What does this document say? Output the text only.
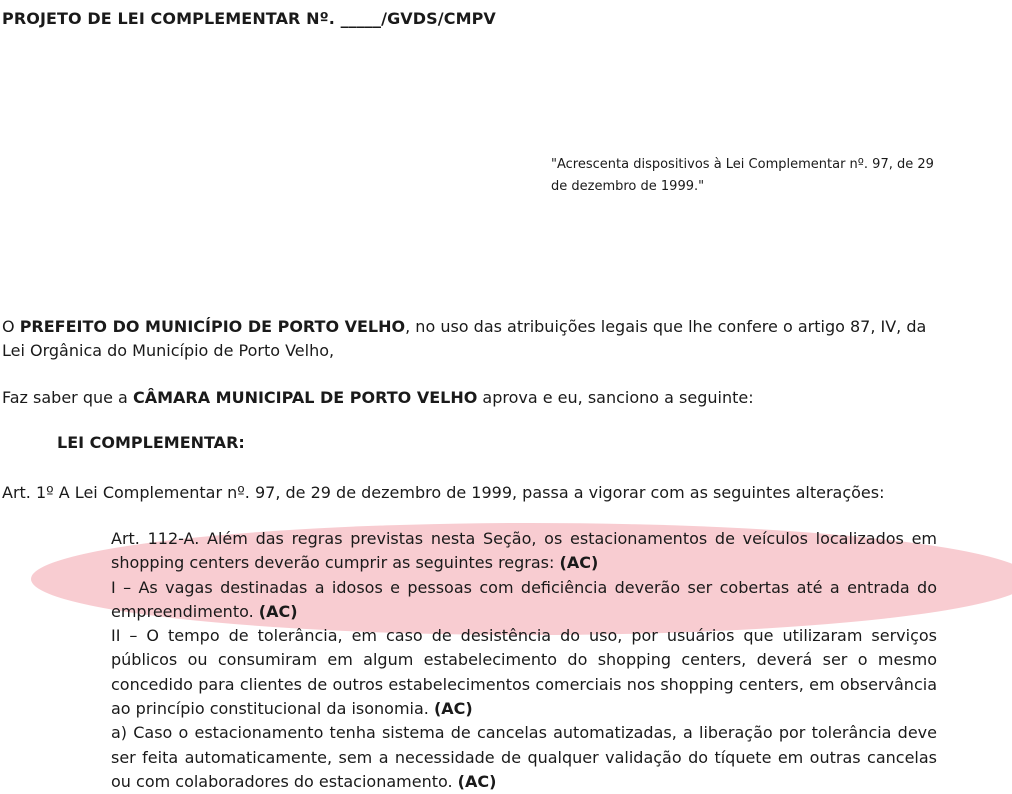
PROJETO DE LEI COMPLEMENTAR Nº. _____/GVDS/CMPV
"Acrescenta dispositivos à Lei Complementar nº. 97, de 29 de dezembro de 1999."

O PREFEITO DO MUNICÍPIO DE PORTO VELHO, no uso das atribuições legais que lhe confere o artigo 87, IV, da Lei Orgânica do Município de Porto Velho,

Faz saber que a CÂMARA MUNICIPAL DE PORTO VELHO aprova e eu, sanciono a seguinte:

LEI COMPLEMENTAR:

Art. 1º A Lei Complementar nº. 97, de 29 de dezembro de 1999, passa a vigorar com as seguintes alterações:

Art. 112-A. Além das regras previstas nesta Seção, os estacionamentos de veículos localizados em shopping centers deverão cumprir as seguintes regras: (AC)
I – As vagas destinadas a idosos e pessoas com deficiência deverão ser cobertas até a entrada do empreendimento. (AC)
II – O tempo de tolerância, em caso de desistência do uso, por usuários que utilizaram serviços públicos ou consumiram em algum estabelecimento do shopping centers, deverá ser o mesmo concedido para clientes de outros estabelecimentos comerciais nos shopping centers, em observância ao princípio constitucional da isonomia. (AC)
a) Caso o estacionamento tenha sistema de cancelas automatizadas, a liberação por tolerância deve ser feita automaticamente, sem a necessidade de qualquer validação do tíquete em outras cancelas ou com colaboradores do estacionamento. (AC)
